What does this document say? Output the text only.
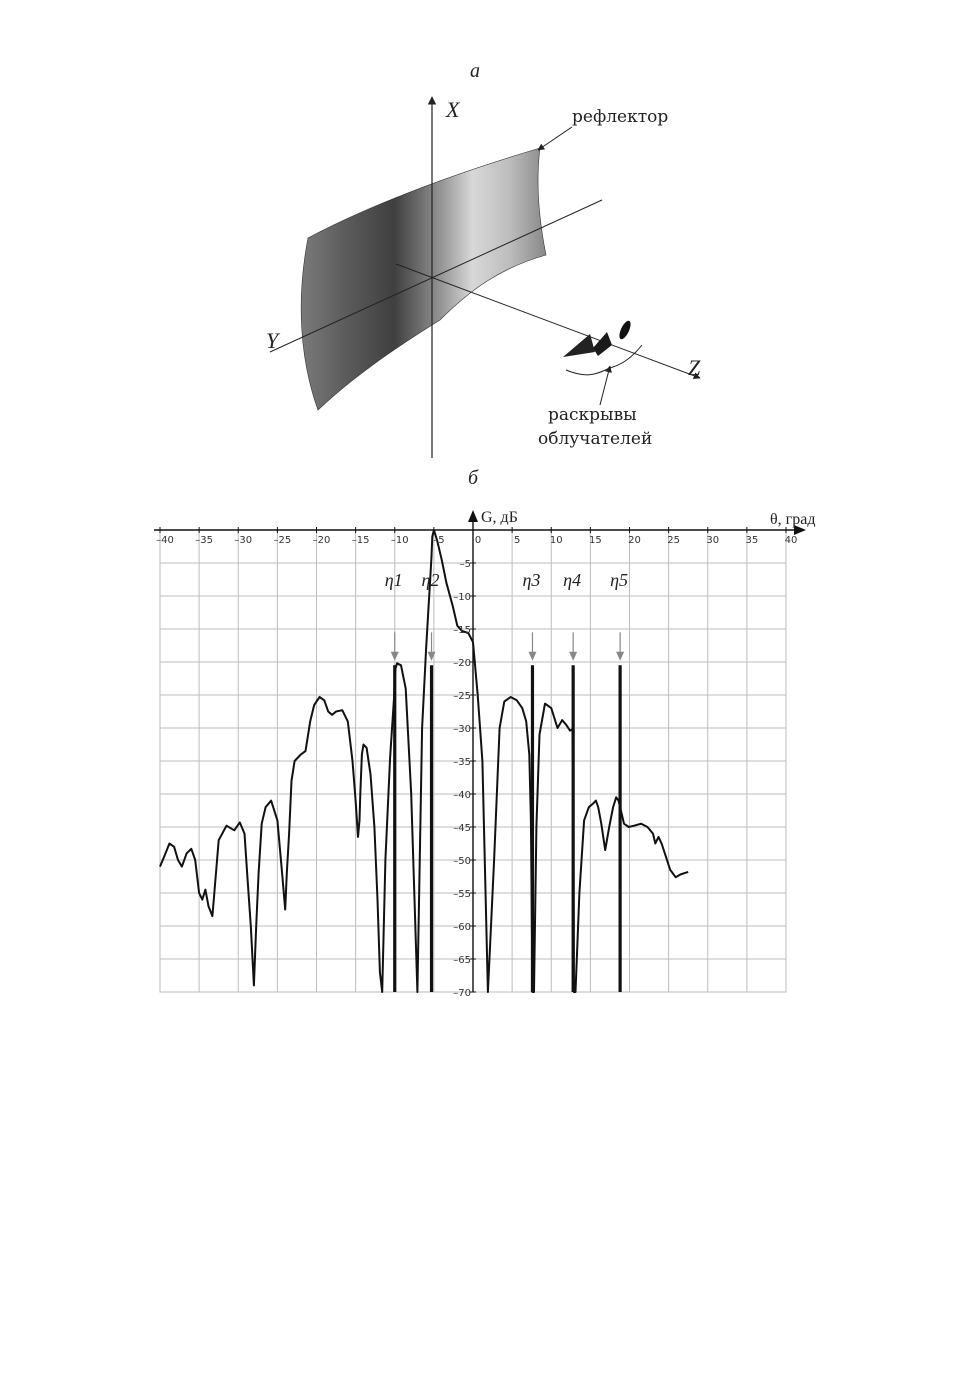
а
б
X
Y
Z
рефлектор
раскрывы
облучателей
η1 η2	η3 η4 η5
–40 –35 –30 –25 –20 –15 –10 –5	0	5	10	15	20	25	30	35	40
–5
–10
–15
–20
–25
–30
–35
–40
–45
–50
–55
–60
–65
–70
G, дБ	θ, град
